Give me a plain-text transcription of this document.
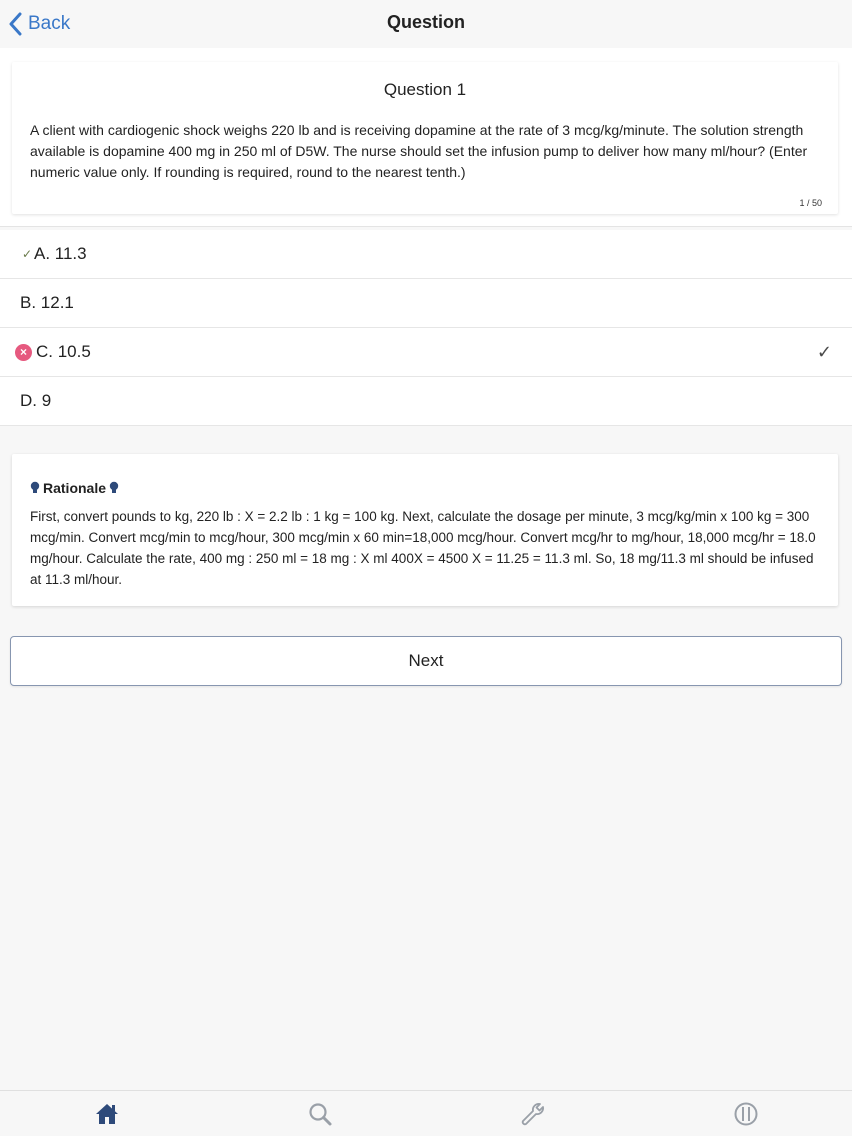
Back	Question
Question 1
A client with cardiogenic shock weighs 220 lb and is receiving dopamine at the rate of 3 mcg/kg/minute. The solution strength available is dopamine 400 mg in 250 ml of D5W. The nurse should set the infusion pump to deliver how many ml/hour? (Enter numeric value only. If rounding is required, round to the nearest tenth.)
1 / 50
✓ A. 11.3
B. 12.1
× C. 10.5	✓
D. 9
Rationale
First, convert pounds to kg, 220 lb : X = 2.2 lb : 1 kg = 100 kg. Next, calculate the dosage per minute, 3 mcg/kg/min x 100 kg = 300 mcg/min. Convert mcg/min to mcg/hour, 300 mcg/min x 60 min=18,000 mcg/hour. Convert mcg/hr to mg/hour, 18,000 mcg/hr = 18.0 mg/hour. Calculate the rate, 400 mg : 250 ml = 18 mg : X ml 400X = 4500 X = 11.25 = 11.3 ml. So, 18 mg/11.3 ml should be infused at 11.3 ml/hour.
Next
